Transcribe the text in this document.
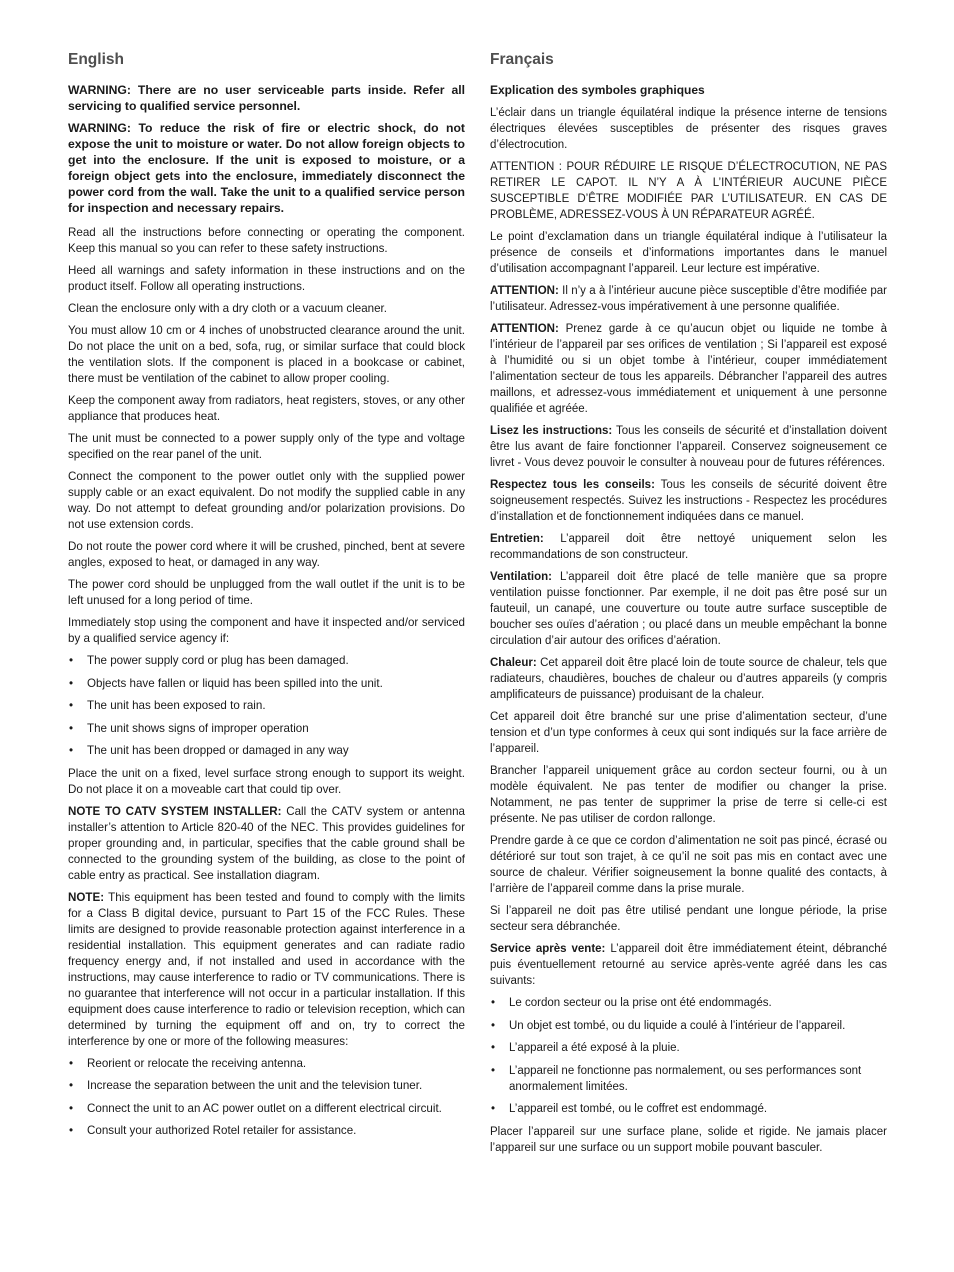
English
WARNING: There are no user serviceable parts inside. Refer all servicing to qualified service personnel.
WARNING: To reduce the risk of fire or electric shock, do not expose the unit to moisture or water. Do not allow foreign objects to get into the enclosure. If the unit is exposed to moisture, or a foreign object gets into the enclosure, immediately disconnect the power cord from the wall. Take the unit to a qualified service person for inspection and necessary repairs.

Read all the instructions before connecting or operating the component. Keep this manual so you can refer to these safety instructions.

Heed all warnings and safety information in these instructions and on the product itself. Follow all operating instructions.

Clean the enclosure only with a dry cloth or a vacuum cleaner.

You must allow 10 cm or 4 inches of unobstructed clearance around the unit. Do not place the unit on a bed, sofa, rug, or similar surface that could block the ventilation slots. If the component is placed in a bookcase or cabinet, there must be ventilation of the cabinet to allow proper cooling.

Keep the component away from radiators, heat registers, stoves, or any other appliance that produces heat.

The unit must be connected to a power supply only of the type and voltage specified on the rear panel of the unit.

Connect the component to the power outlet only with the supplied power supply cable or an exact equivalent. Do not modify the supplied cable in any way. Do not attempt to defeat grounding and/or polarization provisions. Do not use extension cords.

Do not route the power cord where it will be crushed, pinched, bent at severe angles, exposed to heat, or damaged in any way.

The power cord should be unplugged from the wall outlet if the unit is to be left unused for a long period of time.

Immediately stop using the component and have it inspected and/or serviced by a qualified service agency if:

• The power supply cord or plug has been damaged.
• Objects have fallen or liquid has been spilled into the unit.
• The unit has been exposed to rain.
• The unit shows signs of improper operation
• The unit has been dropped or damaged in any way

Place the unit on a fixed, level surface strong enough to support its weight. Do not place it on a moveable cart that could tip over.

NOTE TO CATV SYSTEM INSTALLER: Call the CATV system or antenna installer’s attention to Article 820-40 of the NEC. This provides guidelines for proper grounding and, in particular, specifies that the cable ground shall be connected to the grounding system of the building, as close to the point of cable entry as practical. See installation diagram.

NOTE: This equipment has been tested and found to comply with the limits for a Class B digital device, pursuant to Part 15 of the FCC Rules. These limits are designed to provide reasonable protection against interference in a residential installation. This equipment generates and can radiate radio frequency energy and, if not installed and used in accordance with the instructions, may cause interference to radio or TV communications. There is no guarantee that interference will not occur in a particular installation. If this equipment does cause interference to radio or television reception, which can determined by turning the equipment off and on, try to correct the interference by one or more of the following measures:

• Reorient or relocate the receiving antenna.
• Increase the separation between the unit and the television tuner.
• Connect the unit to an AC power outlet on a different electrical circuit.
• Consult your authorized Rotel retailer for assistance.
Français
Explication des symboles graphiques

L’éclair dans un triangle équilatéral indique la présence interne de tensions électriques élevées susceptibles de présenter des risques graves d’électrocution.

ATTENTION : POUR RÉDUIRE LE RISQUE D’ÉLECTROCUTION, NE PAS RETIRER LE CAPOT. IL N’Y A À L’INTÉRIEUR AUCUNE PIÈCE SUSCEPTIBLE D’ÊTRE MODIFIÉE PAR L’UTILISATEUR. EN CAS DE PROBLÈME, ADRESSEZ-VOUS À UN RÉPARATEUR AGRÉÉ.

Le point d’exclamation dans un triangle équilatéral indique à l’utilisateur la présence de conseils et d’informations importantes dans le manuel d’utilisation accompagnant l’appareil. Leur lecture est impérative.

ATTENTION: Il n’y a à l’intérieur aucune pièce susceptible d’être modifiée par l’utilisateur. Adressez-vous impérativement à une personne qualifiée.

ATTENTION: Prenez garde à ce qu’aucun objet ou liquide ne tombe à l’intérieur de l’appareil par ses orifices de ventilation ; Si l’appareil est exposé à l’humidité ou si un objet tombe à l’intérieur, couper immédiatement l’alimentation secteur de tous les appareils. Débrancher l’appareil des autres maillons, et adressez-vous immédiatement et uniquement à une personne qualifiée et agréée.

Lisez les instructions: Tous les conseils de sécurité et d’installation doivent être lus avant de faire fonctionner l’appareil. Conservez soigneusement ce livret - Vous devez pouvoir le consulter à nouveau pour de futures références.

Respectez tous les conseils: Tous les conseils de sécurité doivent être soigneusement respectés. Suivez les instructions - Respectez les procédures d’installation et de fonctionnement indiquées dans ce manuel.

Entretien: L’appareil doit être nettoyé uniquement selon les recommandations de son constructeur.

Ventilation: L’appareil doit être placé de telle manière que sa propre ventilation puisse fonctionner. Par exemple, il ne doit pas être posé sur un fauteuil, un canapé, une couverture ou toute autre surface susceptible de boucher ses ouïes d’aération ; ou placé dans un meuble empêchant la bonne circulation d’air autour des orifices d’aération.

Chaleur: Cet appareil doit être placé loin de toute source de chaleur, tels que radiateurs, chaudières, bouches de chaleur ou d’autres appareils (y compris amplificateurs de puissance) produisant de la chaleur.

Cet appareil doit être branché sur une prise d’alimentation secteur, d’une tension et d’un type conformes à ceux qui sont indiqués sur la face arrière de l’appareil.

Brancher l’appareil uniquement grâce au cordon secteur fourni, ou à un modèle équivalent. Ne pas tenter de modifier ou changer la prise. Notamment, ne pas tenter de supprimer la prise de terre si celle-ci est présente. Ne pas utiliser de cordon rallonge.

Prendre garde à ce que ce cordon d’alimentation ne soit pas pincé, écrasé ou détérioré sur tout son trajet, à ce qu’il ne soit pas mis en contact avec une source de chaleur. Vérifier soigneusement la bonne qualité des contacts, à l’arrière de l’appareil comme dans la prise murale.

Si l’appareil ne doit pas être utilisé pendant une longue période, la prise secteur sera débranchée.

Service après vente: L’appareil doit être immédiatement éteint, débranché puis éventuellement retourné au service après-vente agréé dans les cas suivants:

• Le cordon secteur ou la prise ont été endommagés.
• Un objet est tombé, ou du liquide a coulé à l’intérieur de l’appareil.
• L’appareil a été exposé à la pluie.
• L’appareil ne fonctionne pas normalement, ou ses performances sont anormalement limitées.
• L’appareil est tombé, ou le coffret est endommagé.

Placer l’appareil sur une surface plane, solide et rigide. Ne jamais placer l’appareil sur une surface ou un support mobile pouvant basculer.
